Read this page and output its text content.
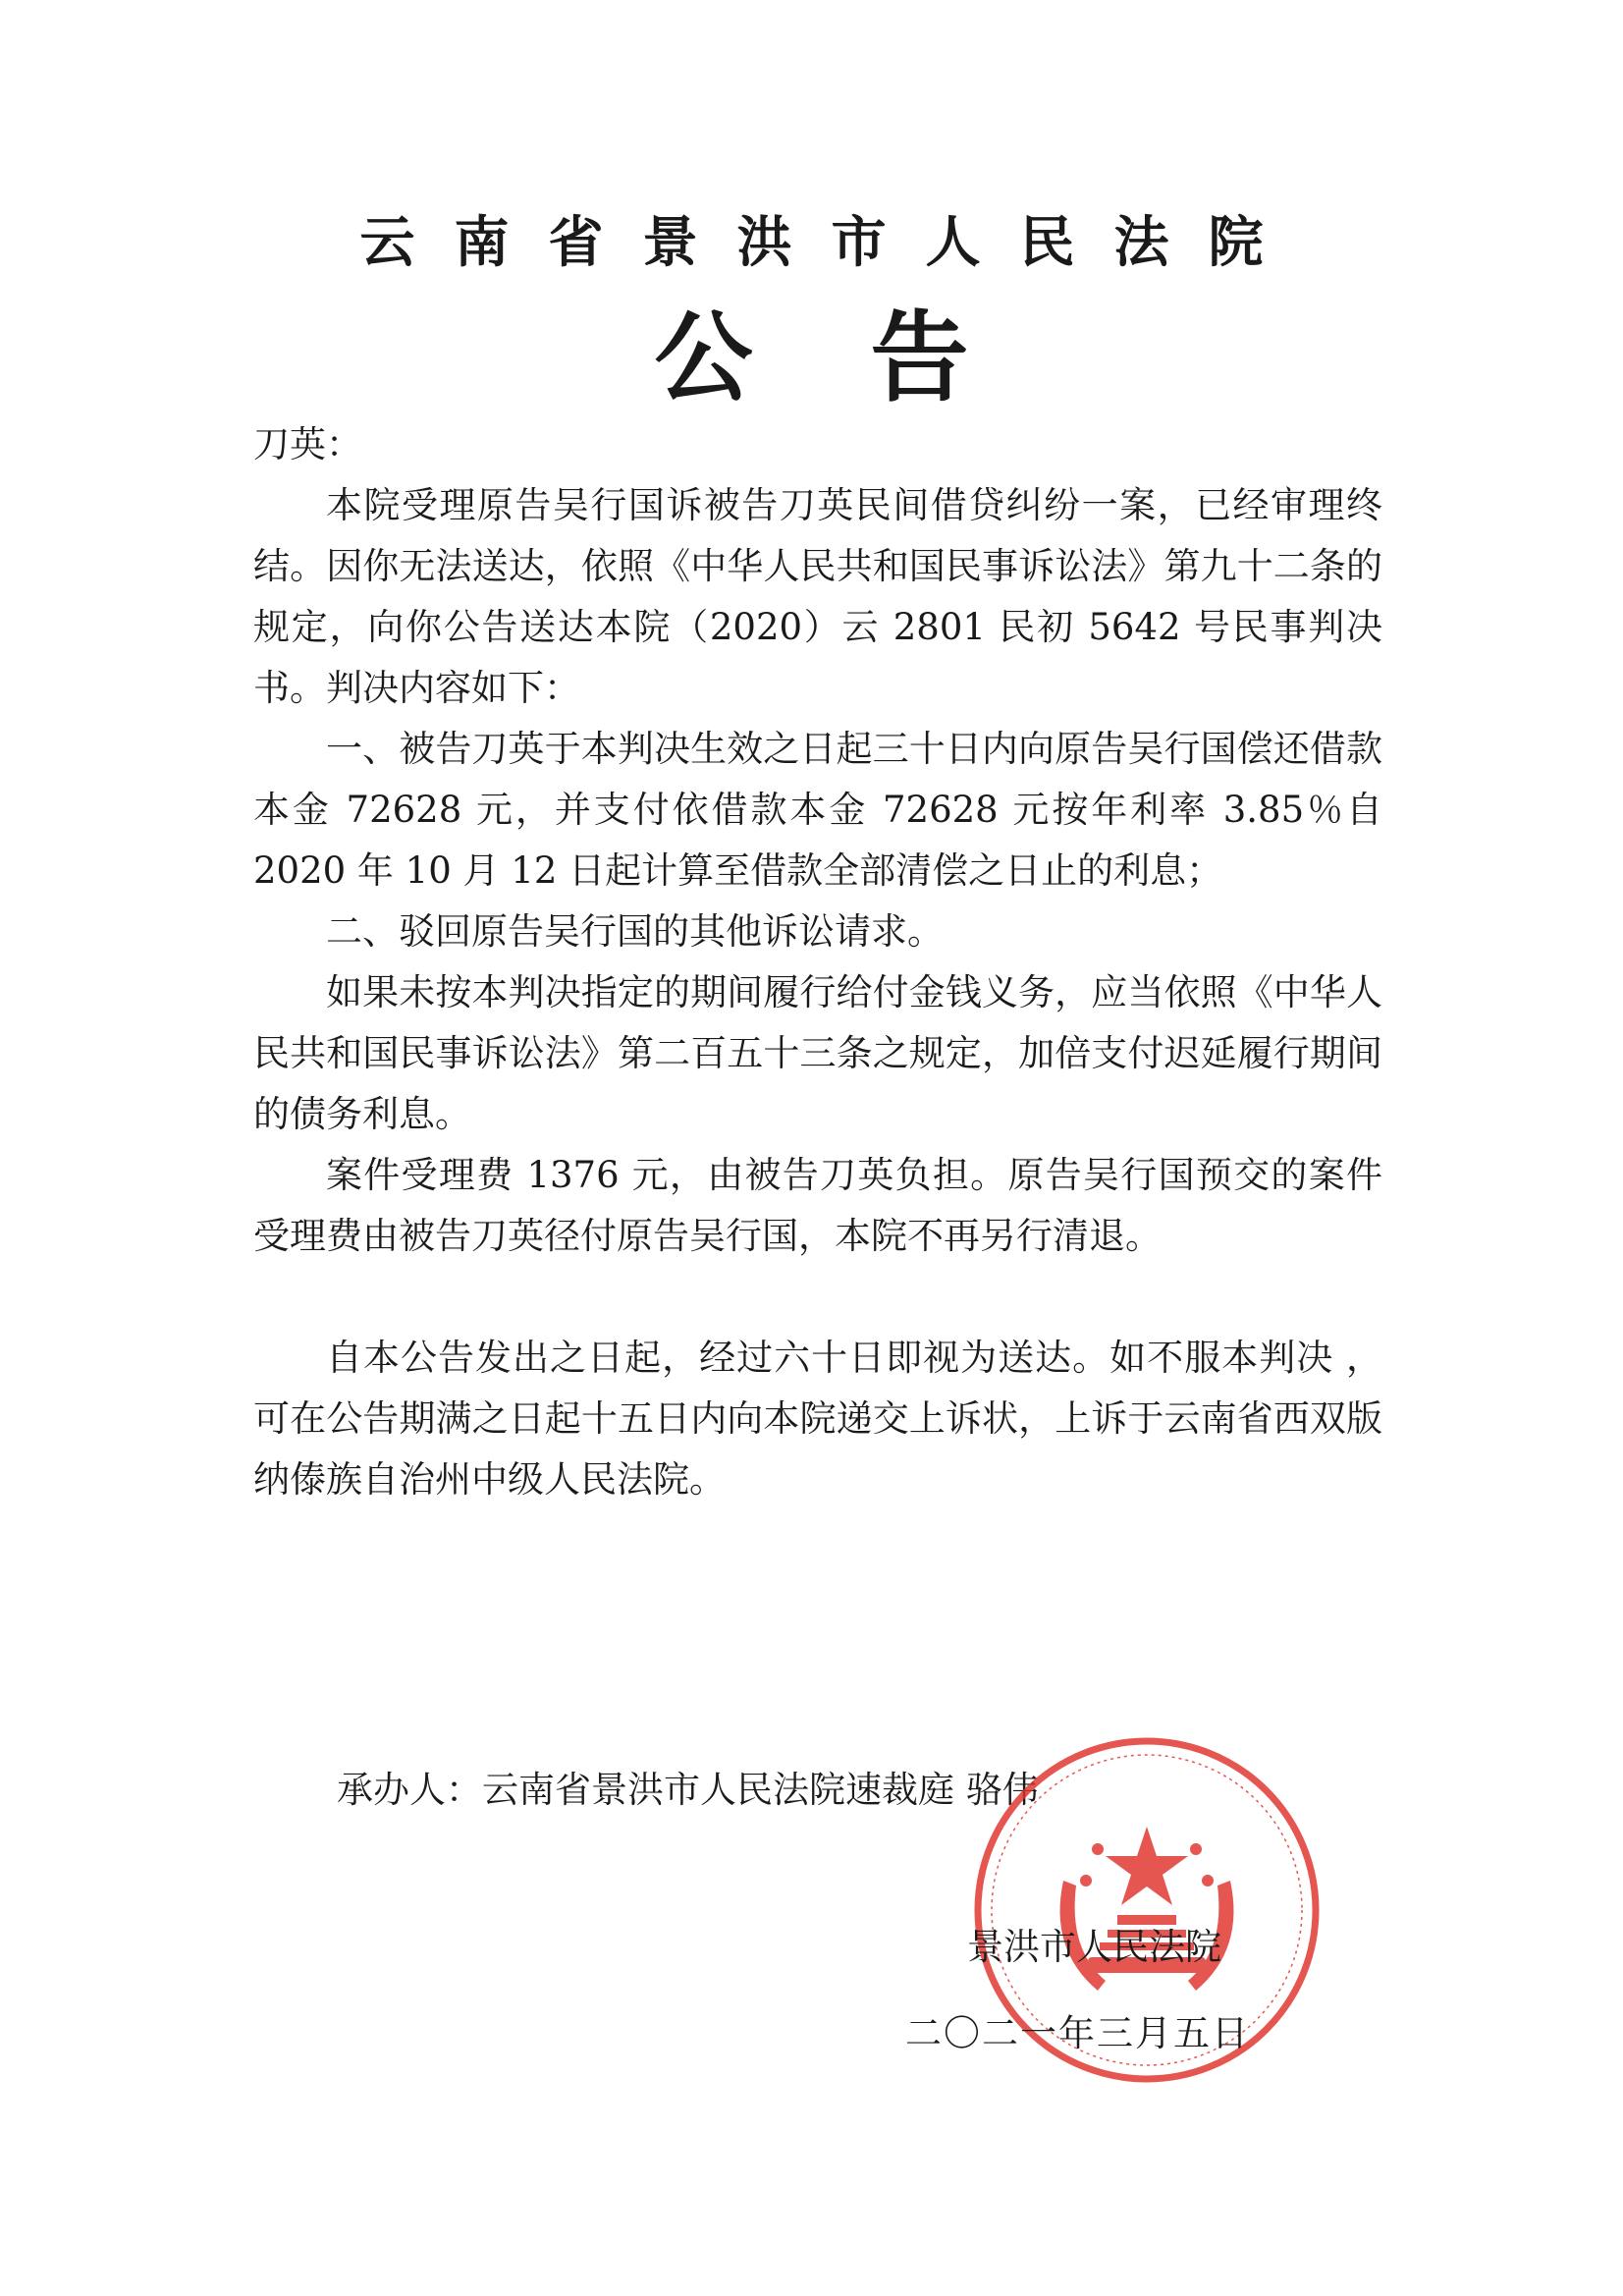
云南省景洪市人民法院
公告

刀英：

本院受理原告吴行国诉被告刀英民间借贷纠纷一案，已经审理终结。因你无法送达，依照《中华人民共和国民事诉讼法》第九十二条的规定，向你公告送达本院（2020）云 2801 民初 5642 号民事判决书。判决内容如下：

一、被告刀英于本判决生效之日起三十日内向原告吴行国偿还借款本金 72628 元，并支付依借款本金 72628 元按年利率 3.85％自 2020 年 10 月 12 日起计算至借款全部清偿之日止的利息；

二、驳回原告吴行国的其他诉讼请求。

如果未按本判决指定的期间履行给付金钱义务，应当依照《中华人民共和国民事诉讼法》第二百五十三条之规定，加倍支付迟延履行期间的债务利息。

案件受理费 1376 元，由被告刀英负担。原告吴行国预交的案件受理费由被告刀英径付原告吴行国，本院不再另行清退。

自本公告发出之日起，经过六十日即视为送达。如不服本判决 ，可在公告期满之日起十五日内向本院递交上诉状，上诉于云南省西双版纳傣族自治州中级人民法院。

承办人：云南省景洪市人民法院速裁庭 骆伟
景洪市人民法院
二〇二一年三月五日
